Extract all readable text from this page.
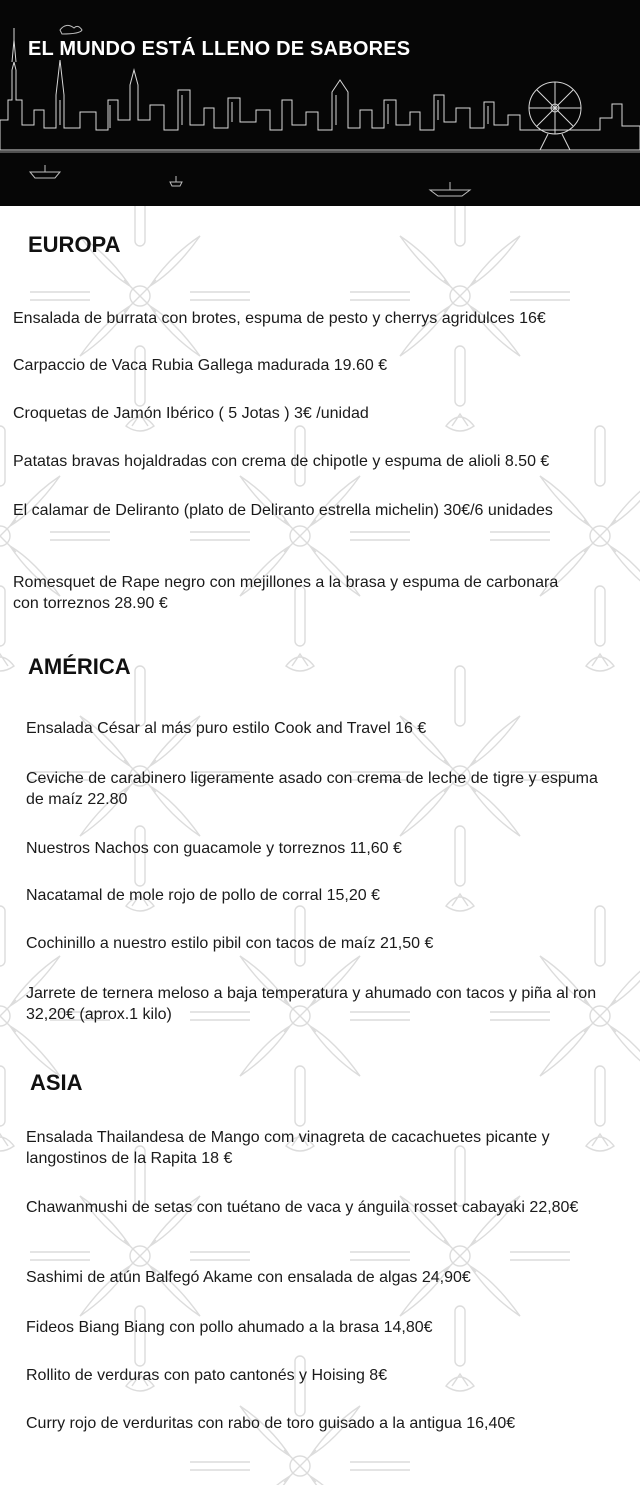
EL MUNDO ESTÁ LLENO DE SABORES
EUROPA

Ensalada de burrata con brotes, espuma de pesto y cherrys agridulces 16€

Carpaccio de Vaca Rubia Gallega madurada 19.60 €

Croquetas de Jamón Ibérico ( 5 Jotas ) 3€ /unidad

Patatas bravas hojaldradas con crema de chipotle y espuma de alioli 8.50 €

El calamar de Deliranto (plato de Deliranto estrella michelin) 30€/6 unidades

Romesquet de Rape negro con mejillones a la brasa y espuma de carbonara con torreznos 28.90 €

AMÉRICA

Ensalada César al más puro estilo Cook and Travel 16 €

Ceviche de carabinero ligeramente asado con crema de leche de tigre y espuma de maíz 22.80

Nuestros Nachos con guacamole y torreznos 11,60 €

Nacatamal de mole rojo de pollo de corral 15,20 €

Cochinillo a nuestro estilo pibil con tacos de maíz 21,50 €

Jarrete de ternera meloso a baja temperatura y ahumado con tacos y piña al ron 32,20€ (aprox.1 kilo)

ASIA

Ensalada Thailandesa de Mango com vinagreta de cacachuetes picante y langostinos de la Rapita 18 €

Chawanmushi de setas con tuétano de vaca y ánguila rosset cabayaki 22,80€

Sashimi de atún Balfegó Akame con ensalada de algas 24,90€

Fideos Biang Biang con pollo ahumado a la brasa 14,80€

Rollito de verduras con pato cantonés y Hoising 8€

Curry rojo de verduritas con rabo de toro guisado a la antigua 16,40€
